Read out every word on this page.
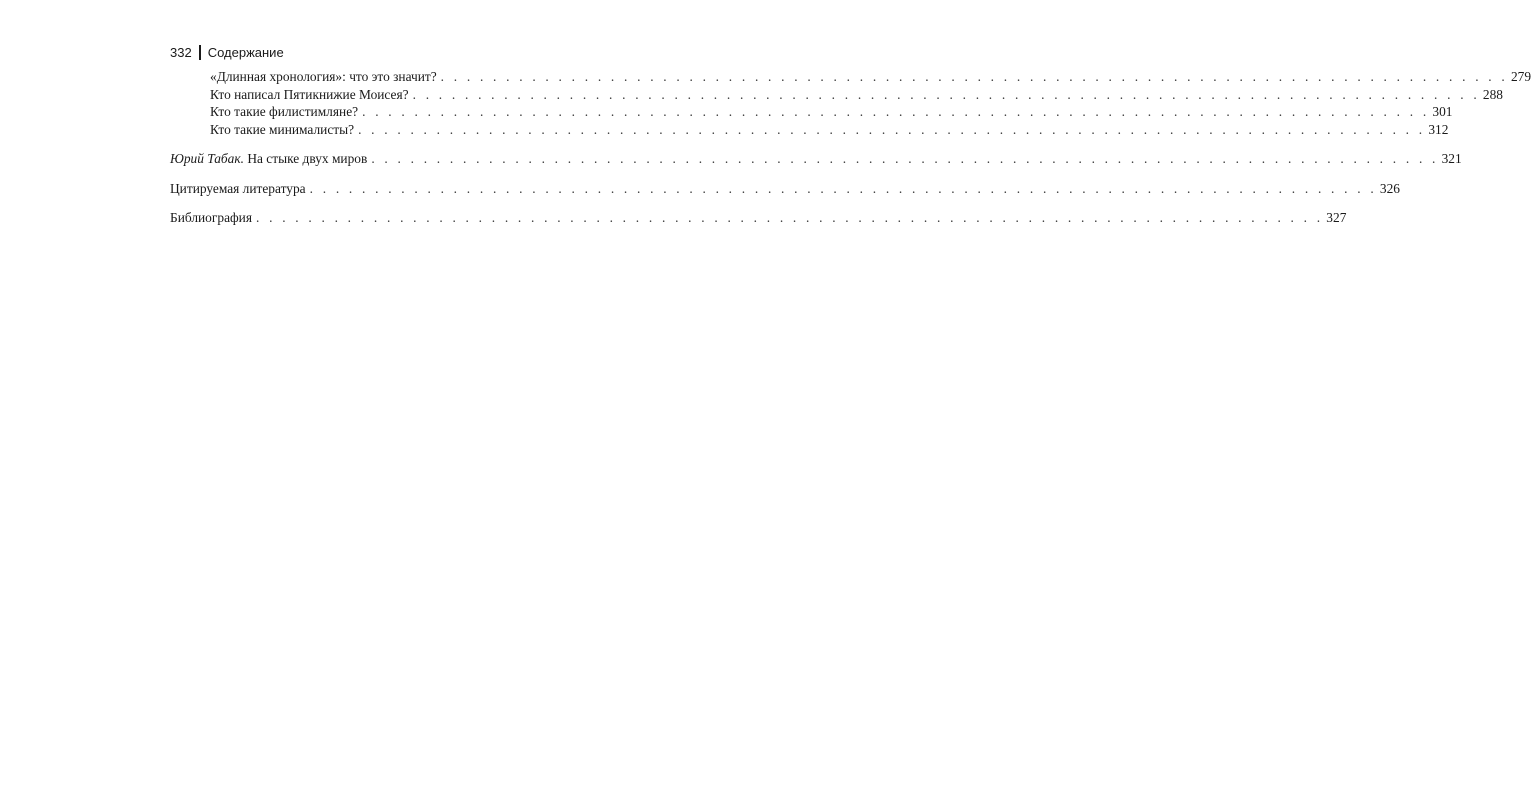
332 Содержание
«Длинная хронология»: что это значит? . . . . . . . . . . . . . . . . . . . . . . . . . . . . . . . . . . . . . . . . . . . . . . . . . . . . . . . . . . . . . . . . . . . . . . . . . . . . . . . . . . 279
Кто написал Пятикнижие Моисея? . . . . . . . . . . . . . . . . . . . . . . . . . . . . . . . . . . . . . . . . . . . . . . . . . . . . . . . . . . . . . . . . . . . . . . . . . . . . . . . . . . 288
Кто такие филистимляне? . . . . . . . . . . . . . . . . . . . . . . . . . . . . . . . . . . . . . . . . . . . . . . . . . . . . . . . . . . . . . . . . . . . . . . . . . . . . . . . . . . 301
Кто такие минималисты? . . . . . . . . . . . . . . . . . . . . . . . . . . . . . . . . . . . . . . . . . . . . . . . . . . . . . . . . . . . . . . . . . . . . . . . . . . . . . . . . . . 312
Юрий Табак. На стыке двух миров . . . . . . . . . . . . . . . . . . . . . . . . . . . . . . . . . . . . . . . . . . . . . . . . . . . . . . . . . . . . . . . . . . . . . . . . . . . . . . . . . . 321
Цитируемая литература . . . . . . . . . . . . . . . . . . . . . . . . . . . . . . . . . . . . . . . . . . . . . . . . . . . . . . . . . . . . . . . . . . . . . . . . . . . . . . . . . . 326
Библиография . . . . . . . . . . . . . . . . . . . . . . . . . . . . . . . . . . . . . . . . . . . . . . . . . . . . . . . . . . . . . . . . . . . . . . . . . . . . . . . . . . 327
